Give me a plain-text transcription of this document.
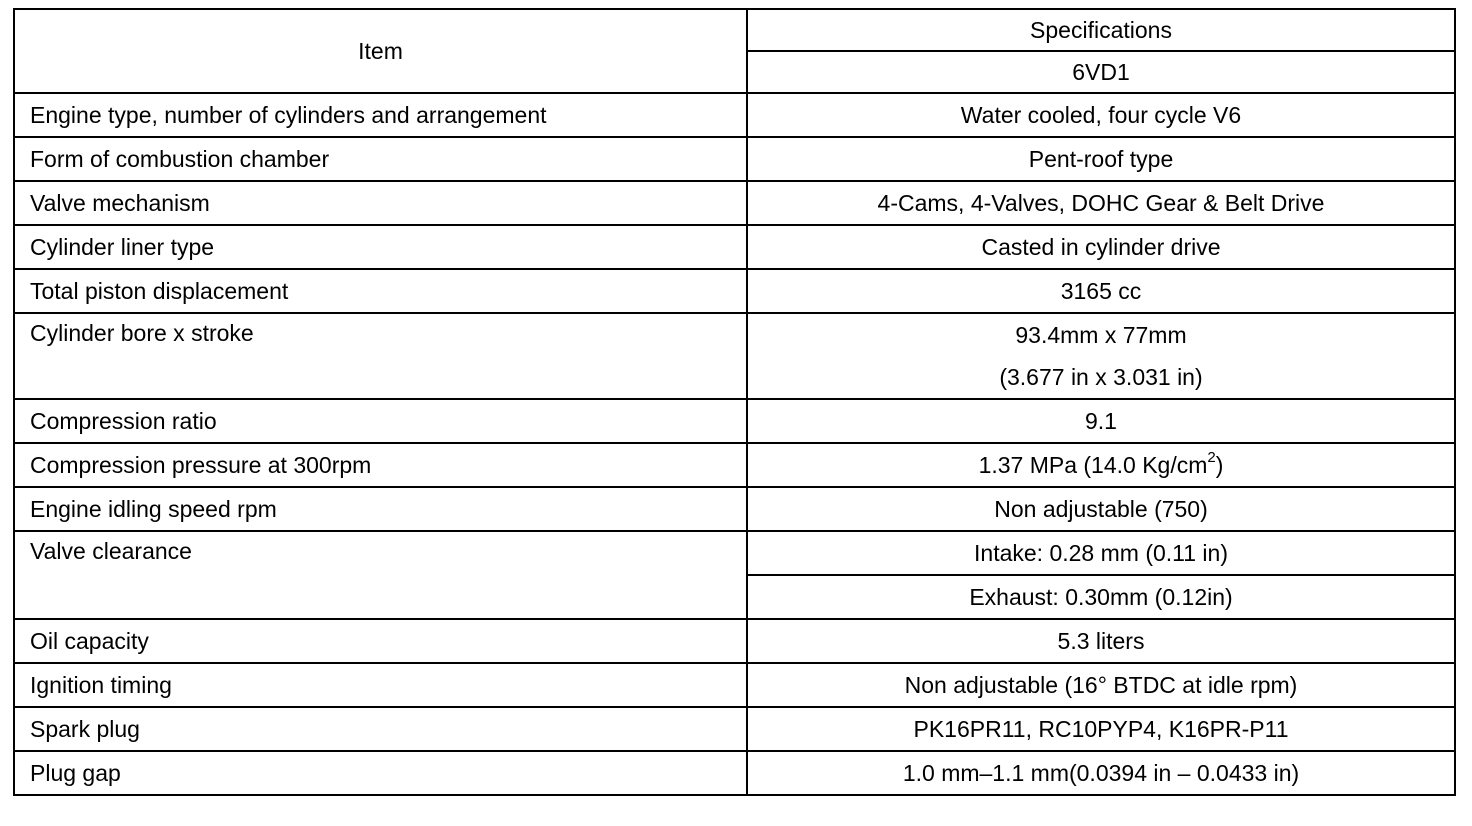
Item	Specifications
	6VD1
Engine type, number of cylinders and arrangement	Water cooled, four cycle V6
Form of combustion chamber	Pent-roof type
Valve mechanism	4-Cams, 4-Valves, DOHC Gear & Belt Drive
Cylinder liner type	Casted in cylinder drive
Total piston displacement	3165 cc
Cylinder bore x stroke	93.4mm x 77mm
	(3.677 in x 3.031 in)
Compression ratio	9.1
Compression pressure at 300rpm	1.37 MPa (14.0 $Kg/cm^2$)
Engine idling speed rpm	Non adjustable (750)
Valve clearance	Intake: 0.28 mm (0.11 in)
	Exhaust: 0.30mm (0.12in)
Oil capacity	5.3 liters
Ignition timing	Non adjustable (16° BTDC at idle rpm)
Spark plug	PK16PR11, RC10PYP4, K16PR-P11
Plug gap	1.0 mm–1.1 mm(0.0394 in – 0.0433 in)
